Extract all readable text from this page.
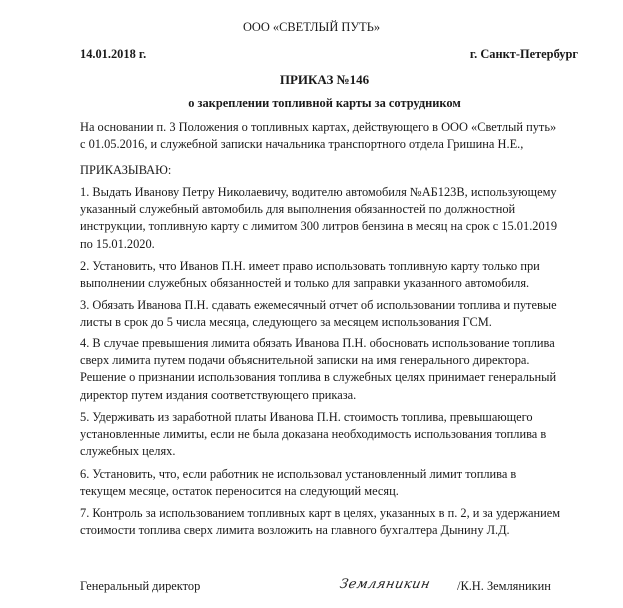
ООО «СВЕТЛЫЙ ПУТЬ»

14.01.2018 г.	г. Санкт-Петербург

ПРИКАЗ №146

о закреплении топливной карты за сотрудником

На основании п. 3 Положения о топливных картах, действующего в ООО «Светлый путь»
с 01.05.2016, и служебной записки начальника транспортного отдела Гришина Н.Е.,

ПРИКАЗЫВАЮ:

1. Выдать Иванову Петру Николаевичу, водителю автомобиля №АБ123В, использующему
указанный служебный автомобиль для выполнения обязанностей по должностной
инструкции, топливную карту с лимитом 300 литров бензина в месяц на срок с 15.01.2019
по 15.01.2020.
2. Установить, что Иванов П.Н. имеет право использовать топливную карту только при
выполнении служебных обязанностей и только для заправки указанного автомобиля.
3. Обязать Иванова П.Н. сдавать ежемесячный отчет об использовании топлива и путевые
листы в срок до 5 числа месяца, следующего за месяцем использования ГСМ.
4. В случае превышения лимита обязать Иванова П.Н. обосновать использование топлива
сверх лимита путем подачи объяснительной записки на имя генерального директора.
Решение о признании использования топлива в служебных целях принимает генеральный
директор путем издания соответствующего приказа.
5. Удерживать из заработной платы Иванова П.Н. стоимость топлива, превышающего
установленные лимиты, если не была доказана необходимость использования топлива в
служебных целях.
6. Установить, что, если работник не использовал установленный лимит топлива в
текущем месяце, остаток переносится на следующий месяц.
7. Контроль за использованием топливных карт в целях, указанных в п. 2, и за удержанием
стоимости топлива сверх лимита возложить на главного бухгалтера Дынину Л.Д.

Генеральный директор	Земляникин /К.Н. Земляникин
